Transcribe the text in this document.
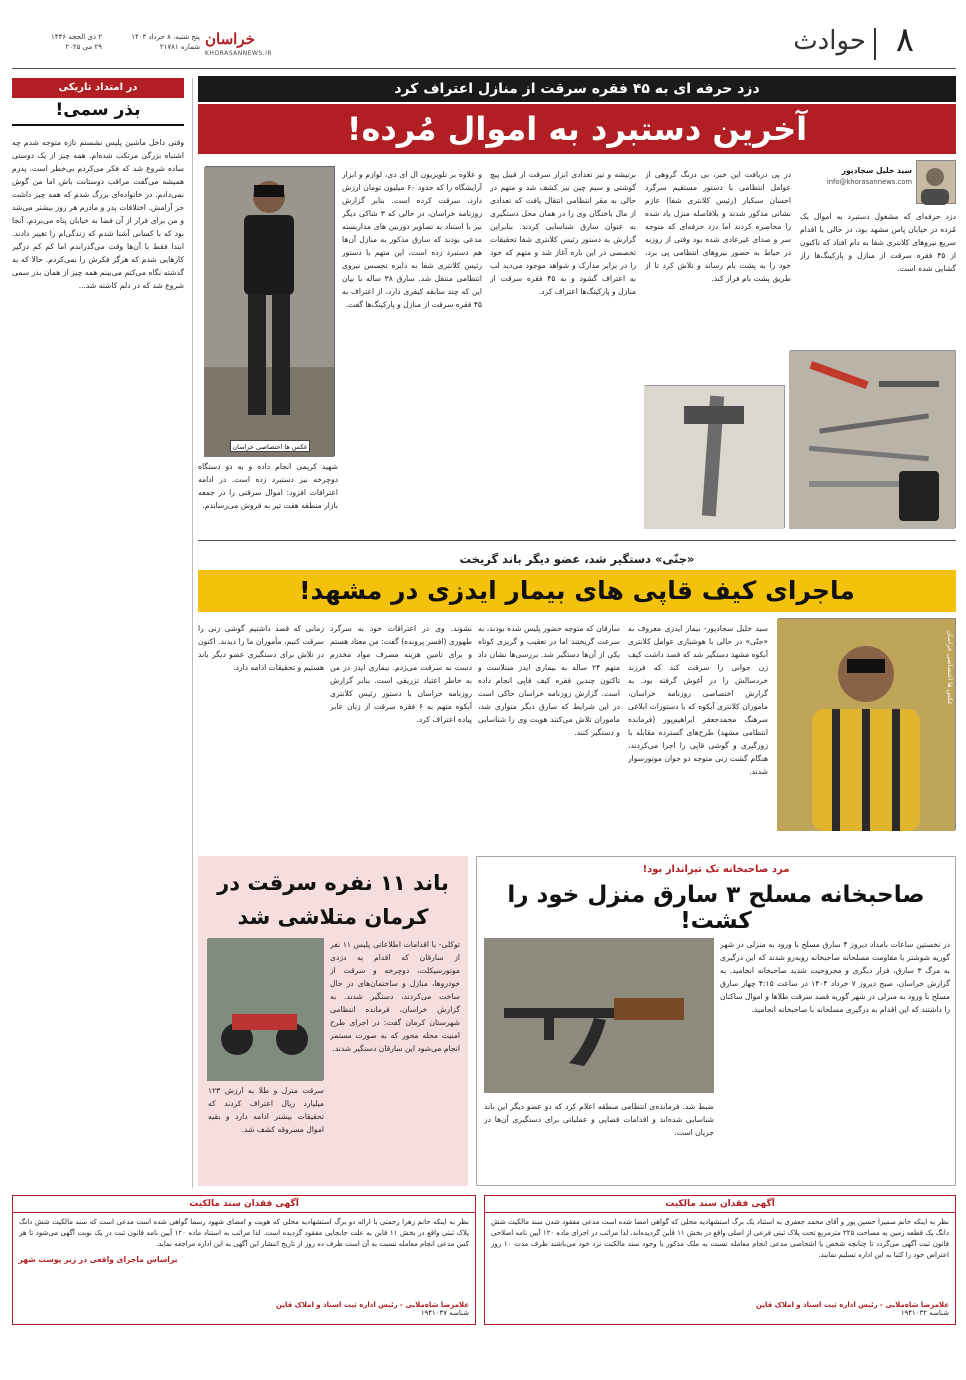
۸
حوادث
خراسان
KHORASANNEWS.IR
پنج شنبه، ۸ خرداد ۱۴۰۴
شماره ۲۱۷۸۱
۲ ذی الحجه ۱۴۴۶
۲۹ می ۲۰۲۵
در امتداد تاریکی
بذر سمی!
وقتی داخل ماشین پلیس نشستم تازه متوجه شدم چه اشتباه بزرگی مرتکب شده‌ام. همه چیز از یک دوستی ساده شروع شد که فکر می‌کردم بی‌خطر است. پدرم همیشه می‌گفت مراقب دوستانت باش اما من گوش نمی‌دادم. در خانواده‌ای بزرگ شدم که همه چیز داشت جز آرامش. اختلافات پدر و مادرم هر روز بیشتر می‌شد و من برای فرار از آن فضا به خیابان پناه می‌بردم. آنجا بود که با کسانی آشنا شدم که زندگی‌ام را تغییر دادند. ابتدا فقط با آن‌ها وقت می‌گذراندم اما کم کم درگیر کارهایی شدم که هرگز فکرش را نمی‌کردم. حالا که به گذشته نگاه می‌کنم می‌بینم همه چیز از همان بذر سمی شروع شد که در دلم کاشته شد...
براساس ماجرای واقعی در زیر پوست شهر
دزد حرفه ای به ۴۵ فقره سرقت از منازل اعتراف کرد
آخرین دستبرد به اموال مُرده!
سید خلیل سجادپور
info@khorasannews.com
دزد حرفه‌ای که مشغول دستبرد به اموال یک مُرده در خیابان پاس مشهد بود، در حالی با اقدام سریع نیروهای کلانتری شفا به دام افتاد که تاکنون از ۴۵ فقره سرقت از منازل و پارکینگ‌ها راز گشایی شده است.
در پی دریافت این خبر، بی درنگ گروهی از عوامل انتظامی با دستور مستقیم سرگرد احسان سبکبار (رئیس کلانتری شفا) عازم نشانی مذکور شدند و بلافاصله منزل یاد شده را محاصره کردند اما دزد حرفه‌ای که متوجه سر و صدای غیرعادی شده بود وقتی از روزنه در حیاط به حضور نیروهای انتظامی پی برد، خود را به پشت بام رساند و تلاش کرد تا از طریق پشت بام فرار کند.
برتیشه و تیر تعدادی ابزار سرقت از قبیل پیچ گوشتی و سیم چین نیز کشف شد و متهم در حالی به مقر انتظامی انتقال یافت که تعدادی از مال باختگان وی را در همان محل دستگیری به عنوان سارق شناسایی کردند. بنابراین گزارش به دستور رئیس کلانتری شفا تحقیقات تخصصی در این باره آغاز شد و متهم که خود را در برابر مدارک و شواهد موجود می‌دید لب به اعتراف گشود و به ۴۵ فقره سرقت از منازل و پارکینگ‌ها اعتراف کرد.
و علاوه بر تلویزیون ال ای دی، لوازم و ابزار آرایشگاه را که حدود ۶۰ میلیون تومان ارزش دارد، سرقت کرده است. بنابر گزارش روزنامه خراسان، در حالی که ۳ شاکی دیگر نیز با استناد به تصاویر دوربین های مداربسته مدعی بودند که سارق مذکور به منازل آن‌ها هم دستبرد زده است، این متهم با دستور رئیس کلانتری شفا به دایره تجسس نیروی انتظامی منتقل شد. سارق ۳۸ ساله با بیان این که چند سابقه کیفری دارد، از اعتراف به ۴۵ فقره سرقت از منازل و پارکینگ‌ها گفت.
شهید کریمی انجام داده و به دو دستگاه دوچرخه نیز دستبرد زده است. در ادامه اعترافات افزود: اموال سرقتی را در جمعه بازار منطقه هفت تیر به فروش می‌رساندم.
عکس ها اختصاصی خراسان
«جنّی» دستگیر شد، عضو دیگر باند گریخت
ماجرای کیف قاپی های بیمار ایدزی در مشهد!
عکس ها اختصاصی خراسان
سید خلیل سجادپور- بیمار ایدزی معروف به «جنّی» در حالی با هوشیاری عوامل کلانتری آبکوه مشهد دستگیر شد که قصد داشت کیف زن جوانی را سرقت کند که فرزند خردسالش را در آغوش گرفته بود. به گزارش اختصاصی روزنامه خراسان، ماموران کلانتری آبکوه که با دستورات ابلاغی سرهنگ محمدجعفر ابراهیم‌پور (فرمانده انتظامی مشهد) طرح‌های گسترده مقابله با زورگیری و گوشی قاپی را اجرا می‌کردند، هنگام گشت زنی متوجه دو جوان موتورسوار شدند.
سارقان که متوجه حضور پلیس شده بودند، به سرعت گریختند اما در تعقیب و گریزی کوتاه یکی از آن‌ها دستگیر شد. بررسی‌ها نشان داد متهم ۲۴ ساله به بیماری ایدز مبتلاست و تاکنون چندین فقره کیف قاپی انجام داده است. گزارش روزنامه خراسان حاکی است در این شرایط که سارق دیگر متواری شد، ماموران تلاش می‌کنند هویت وی را شناسایی و دستگیر کنند.
نشوند. وی در اعترافات خود به سرگرد طهوری (افسر پرونده) گفت: من معتاد هستم و برای تامین هزینه مصرف مواد مخدرم دست به سرقت می‌زدم. بیماری ایدز در من به خاطر اعتیاد تزریقی است. بنابر گزارش روزنامه خراسان با دستور رئیس کلانتری آبکوه متهم به ۶ فقره سرقت از زنان عابر پیاده اعتراف کرد.
زمانی که قصد داشتیم گوشی زنی را سرقت کنیم، مأموران ما را دیدند. اکنون در تلاش برای دستگیری عضو دیگر باند هستیم و تحقیقات ادامه دارد.
مرد صاحبخانه تک تیرانداز بود!
صاحبخانه مسلح ۳ سارق منزل خود را کشت!
در نخستین ساعات بامداد دیروز ۴ سارق مسلح با ورود به منزلی در شهر گوریه شوشتر با مقاومت مسلحانه صاحبخانه روبه‌رو شدند که این درگیری به مرگ ۳ سارق، فرار دیگری و مجروحیت شدید صاحبخانه انجامید. به گزارش خراسان، صبح دیروز ۷ خرداد ۱۴۰۴ در ساعت ۴:۱۵ چهار سارق مسلح با ورود به منزلی در شهر گوریه قصد سرقت طلاها و اموال ساکنان را داشتند که این اقدام به درگیری مسلحانه با صاحبخانه انجامید.
ضبط شد. فرمانده‌ی انتظامی منطقه اعلام کرد که دو عضو دیگر این باند شناسایی شده‌اند و اقدامات قضایی و عملیاتی برای دستگیری آن‌ها در جریان است.
باند ۱۱ نفره سرقت در کرمان متلاشی شد
توکلی- با اقدامات اطلاعاتی پلیس ۱۱ نفر از سارقان که اقدام به دزدی موتورسیکلت، دوچرخه و سرقت از خودروها، منازل و ساختمان‌های در حال ساخت می‌کردند، دستگیر شدند. به گزارش خراسان، فرمانده انتظامی شهرستان کرمان گفت: در اجرای طرح امنیت محله محور که به صورت مستمر انجام می‌شود این سارقان دستگیر شدند.
سرقت منزل و طلا به ارزش ۱۲۳ میلیارد ریال اعتراف کردند که تحقیقات بیشتر ادامه دارد و بقیه اموال مسروقه کشف شد.
آگهی فقدان سند مالکیت
نظر به اینکه خانم سمیرا حسین پور و آقای محمد جعفری به استناد یک برگ استشهادیه محلی که گواهی امضا شده است مدعی مفقود شدن سند مالکیت شش دانگ یک قطعه زمین به مساحت ۲۲۵ مترمربع تحت پلاک ثبتی فرعی از اصلی واقع در بخش ۱۱ قاین گردیده‌اند، لذا مراتب در اجرای ماده ۱۲۰ آیین نامه اصلاحی قانون ثبت آگهی می‌گردد تا چنانچه شخص یا اشخاصی مدعی انجام معامله نسبت به ملک مذکور یا وجود سند مالکیت نزد خود می‌باشند ظرف مدت ۱۰ روز اعتراض خود را کتبا به این اداره تسلیم نمایند.
غلامرضا شاه‌ملایی - رئیس اداره ثبت اسناد و املاک قاین
شناسه ۱۹۴۱۰۳۲
آگهی فقدان سند مالکیت
نظر به اینکه خانم زهرا رحمتی با ارائه دو برگ استشهادیه محلی که هویت و امضای شهود رسما گواهی شده است مدعی است که سند مالکیت شش دانگ پلاک ثبتی واقع در بخش ۱۱ قاین به علت جابجایی مفقود گردیده است. لذا مراتب به استناد ماده ۱۲۰ آیین نامه قانون ثبت در یک نوبت آگهی می‌شود تا هر کس مدعی انجام معامله نسبت به آن است ظرف ده روز از تاریخ انتشار این آگهی به این اداره مراجعه نماید.
غلامرضا شاه‌ملایی - رئیس اداره ثبت اسناد و املاک قاین
شناسه ۱۹۴۱۰۴۷
